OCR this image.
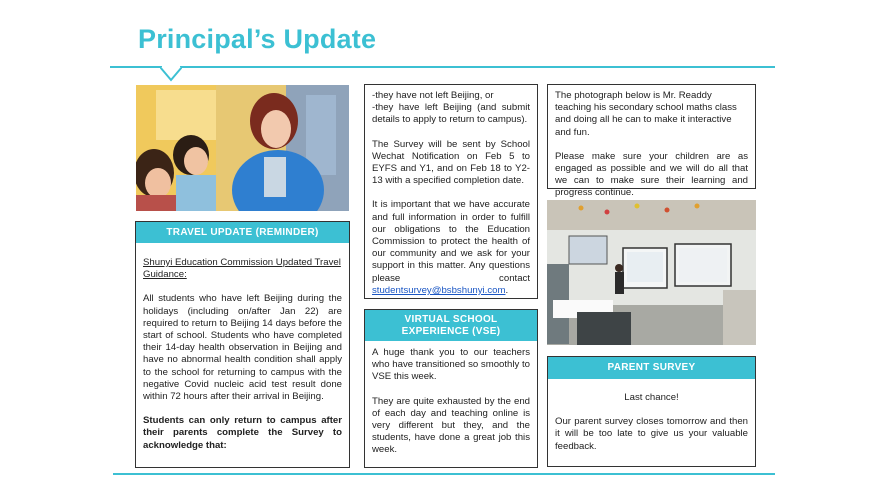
Principal’s Update
TRAVEL UPDATE (REMINDER)

Shunyi Education Commission Updated Travel Guidance:

All students who have left Beijing during the holidays (including on/after Jan 22) are required to return to Beijing 14 days before the start of school. Students who have completed their 14-day health observation in Beijing and have no abnormal health condition shall apply to the school for returning to campus with the negative Covid nucleic acid test result done within 72 hours after their arrival in Beijing.

Students can only return to campus after their parents complete the Survey to acknowledge that:

-they have not left Beijing, or

-they have left Beijing (and submit details to apply to return to campus).

The Survey will be sent by School Wechat Notification on Feb 5 to EYFS and Y1, and on Feb 18 to Y2-13 with a specified completion date.

It is important that we have accurate and full information in order to fulfill our obligations to the Education Commission to protect the health of our community and we ask for your support in this matter. Any questions please contact studentsurvey@bsbshunyi.com.

VIRTUAL SCHOOL EXPERIENCE (VSE)

A huge thank you to our teachers who have transitioned so smoothly to VSE this week.

They are quite exhausted by the end of each day and teaching online is very different but they, and the students, have done a great job this week.

The photograph below is Mr. Readdy teaching his secondary school maths class and doing all he can to make it interactive and fun.

Please make sure your children are as engaged as possible and we will do all that we can to make sure their learning and progress continue.

PARENT SURVEY

Last chance!

Our parent survey closes tomorrow and then it will be too late to give us your valuable feedback.
